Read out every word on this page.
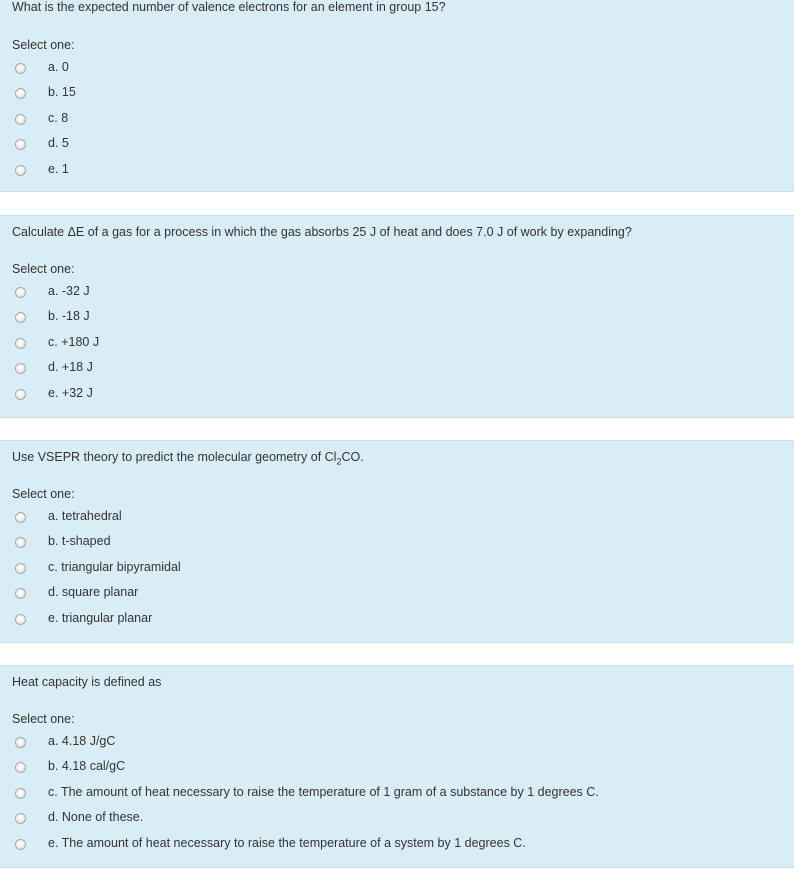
What is the expected number of valence electrons for an element in group 15?
Select one:
a. 0
b. 15
c. 8
d. 5
e. 1
Calculate ΔE of a gas for a process in which the gas absorbs 25 J of heat and does 7.0 J of work by expanding?
Select one:
a. -32 J
b. -18 J
c. +180 J
d. +18 J
e. +32 J
Use VSEPR theory to predict the molecular geometry of $Cl_2CO$.
Select one:
a. tetrahedral
b. t-shaped
c. triangular bipyramidal
d. square planar
e. triangular planar
Heat capacity is defined as
Select one:
a. 4.18 J/gC
b. 4.18 cal/gC
c. The amount of heat necessary to raise the temperature of 1 gram of a substance by 1 degrees C.
d. None of these.
e. The amount of heat necessary to raise the temperature of a system by 1 degrees C.
